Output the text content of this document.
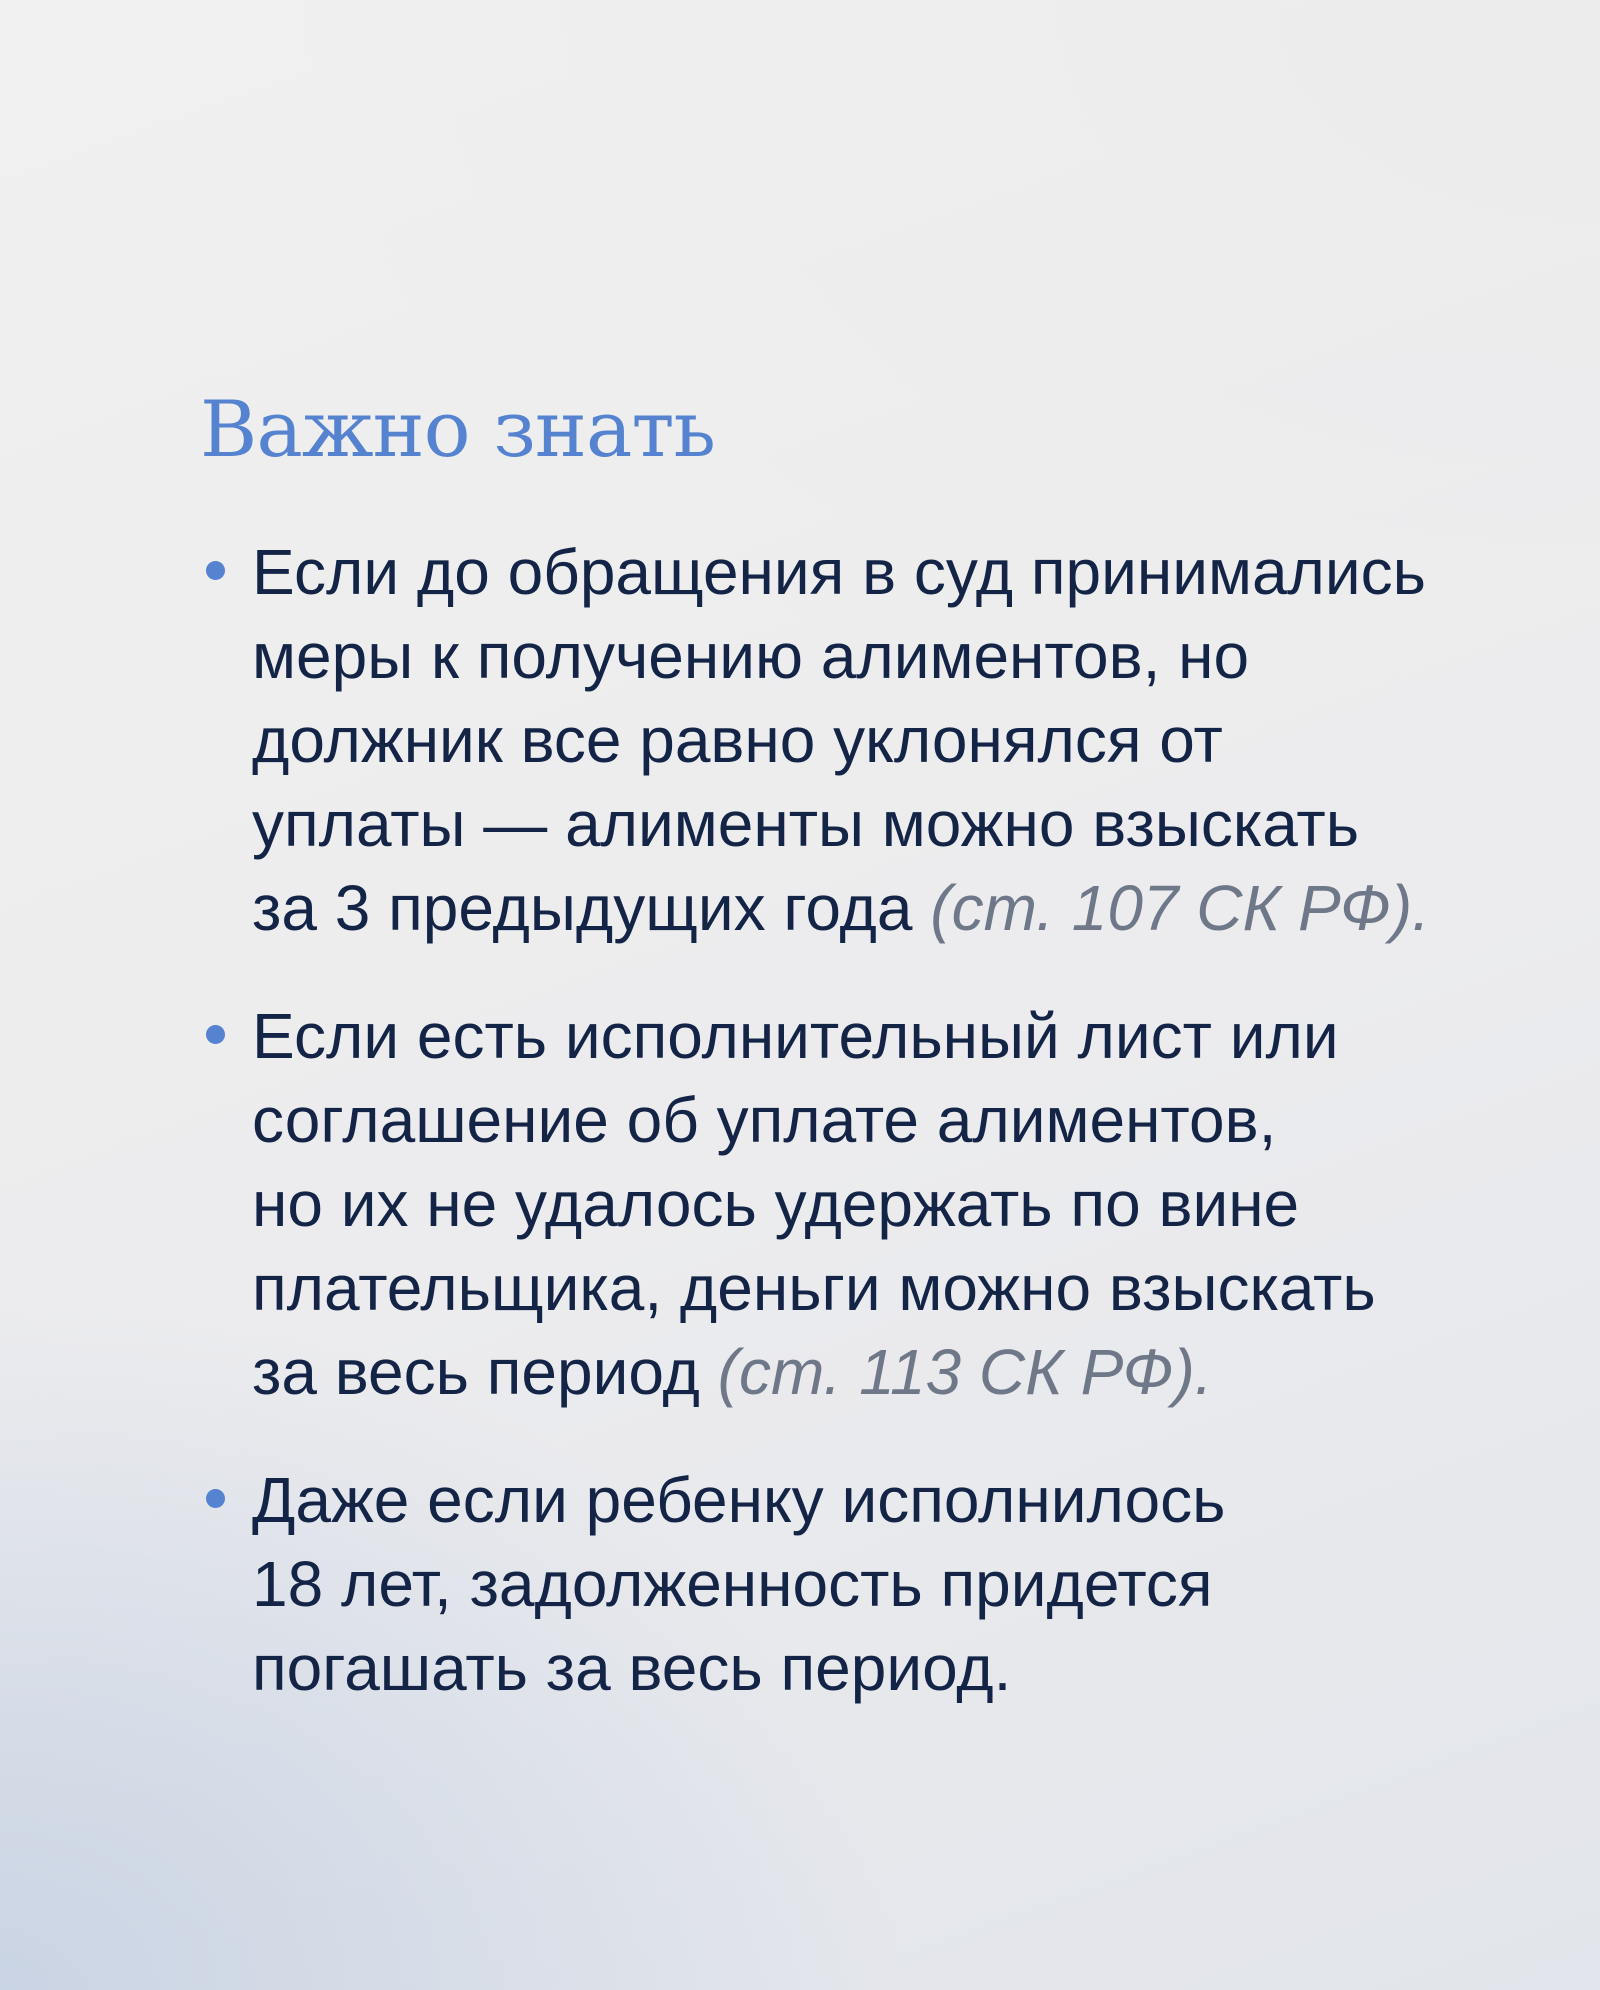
Важно знать
Если до обращения в суд принимались
меры к получению алиментов, но
должник все равно уклонялся от
уплаты — алименты можно взыскать
за 3 предыдущих года (ст. 107 СК РФ).
Если есть исполнительный лист или
соглашение об уплате алиментов,
но их не удалось удержать по вине
плательщика, деньги можно взыскать
за весь период (ст. 113 СК РФ).
Даже если ребенку исполнилось
18 лет, задолженность придется
погашать за весь период.
